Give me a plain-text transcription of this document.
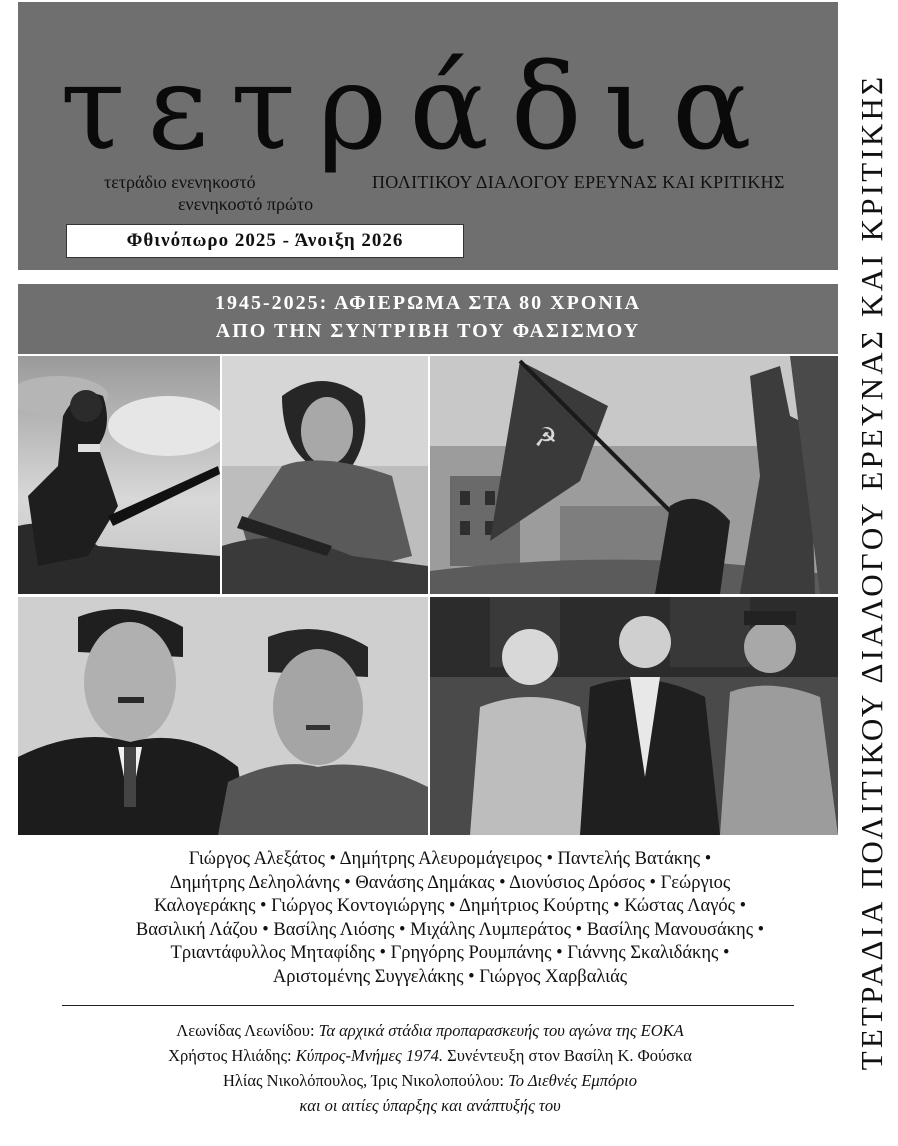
τετράδια
τετράδιο ενενηκοστό
ενενηκοστό πρώτο
ΠΟΛΙΤΙΚΟΥ ΔΙΑΛΟΓΟΥ ΕΡΕΥΝΑΣ ΚΑΙ ΚΡΙΤΙΚΗΣ
Φθινόπωρο 2025 - Άνοιξη 2026
1945-2025: ΑΦΙΕΡΩΜΑ ΣΤΑ 80 ΧΡΟΝΙΑ
ΑΠΟ ΤΗΝ ΣΥΝΤΡΙΒΗ ΤΟΥ ΦΑΣΙΣΜΟΥ
☭
Γιώργος Αλεξάτος • Δημήτρης Αλευρομάγειρος • Παντελής Βατάκης •
Δημήτρης Δεληολάνης • Θανάσης Δημάκας • Διονύσιος Δρόσος • Γεώργιος
Καλογεράκης • Γιώργος Κοντογιώργης • Δημήτριος Κούρτης • Κώστας Λαγός •
Βασιλική Λάζου • Βασίλης Λιόσης • Μιχάλης Λυμπεράτος • Βασίλης Μανουσάκης •
Τριαντάφυλλος Μηταφίδης • Γρηγόρης Ρουμπάνης • Γιάννης Σκαλιδάκης •
Αριστομένης Συγγελάκης • Γιώργος Χαρβαλιάς
Λεωνίδας Λεωνίδου: Τα αρχικά στάδια προπαρασκευής του αγώνα της ΕΟΚΑ
Χρήστος Ηλιάδης: Κύπρος-Μνήμες 1974. Συνέντευξη στον Βασίλη Κ. Φούσκα
Ηλίας Νικολόπουλος, Ίρις Νικολοπούλου: Το Διεθνές Εμπόριο
και οι αιτίες ύπαρξης και ανάπτυξής του
ΤΕΤΡΑΔΙΑ ΠΟΛΙΤΙΚΟΥ ΔΙΑΛΟΓΟΥ ΕΡΕΥΝΑΣ ΚΑΙ ΚΡΙΤΙΚΗΣ
